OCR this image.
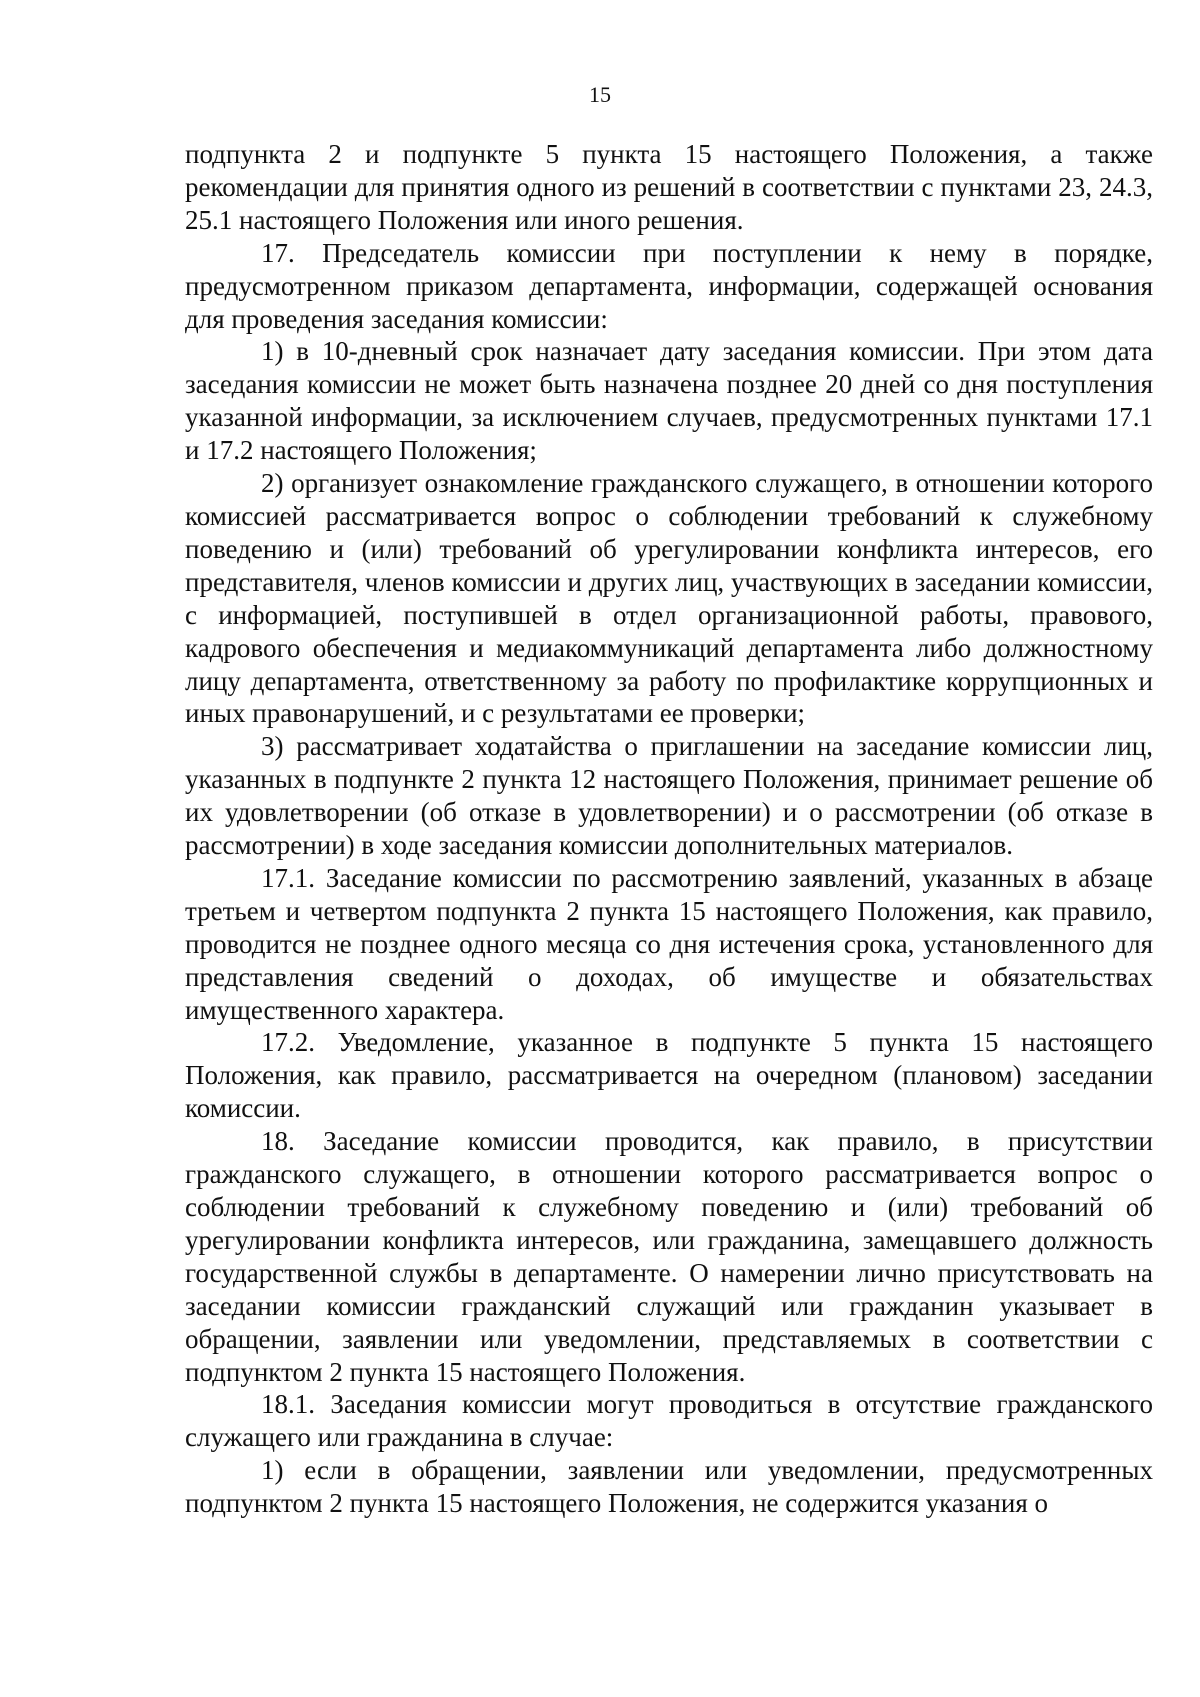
15

подпункта 2 и подпункте 5 пункта 15 настоящего Положения, а также рекомендации для принятия одного из решений в соответствии с пунктами 23, 24.3, 25.1 настоящего Положения или иного решения.

17. Председатель комиссии при поступлении к нему в порядке, предусмотренном приказом департамента, информации, содержащей основания для проведения заседания комиссии:

1) в 10-дневный срок назначает дату заседания комиссии. При этом дата заседания комиссии не может быть назначена позднее 20 дней со дня поступления указанной информации, за исключением случаев, предусмотренных пунктами 17.1 и 17.2 настоящего Положения;

2) организует ознакомление гражданского служащего, в отношении которого комиссией рассматривается вопрос о соблюдении требований к служебному поведению и (или) требований об урегулировании конфликта интересов, его представителя, членов комиссии и других лиц, участвующих в заседании комиссии, с информацией, поступившей в отдел организационной работы, правового, кадрового обеспечения и медиакоммуникаций департамента либо должностному лицу департамента, ответственному за работу по профилактике коррупционных и иных правонарушений, и с результатами ее проверки;

3) рассматривает ходатайства о приглашении на заседание комиссии лиц, указанных в подпункте 2 пункта 12 настоящего Положения, принимает решение об их удовлетворении (об отказе в удовлетворении) и о рассмотрении (об отказе в рассмотрении) в ходе заседания комиссии дополнительных материалов.

17.1. Заседание комиссии по рассмотрению заявлений, указанных в абзаце третьем и четвертом подпункта 2 пункта 15 настоящего Положения, как правило, проводится не позднее одного месяца со дня истечения срока, установленного для представления сведений о доходах, об имуществе и обязательствах имущественного характера.

17.2. Уведомление, указанное в подпункте 5 пункта 15 настоящего Положения, как правило, рассматривается на очередном (плановом) заседании комиссии.

18. Заседание комиссии проводится, как правило, в присутствии гражданского служащего, в отношении которого рассматривается вопрос о соблюдении требований к служебному поведению и (или) требований об урегулировании конфликта интересов, или гражданина, замещавшего должность государственной службы в департаменте. О намерении лично присутствовать на заседании комиссии гражданский служащий или гражданин указывает в обращении, заявлении или уведомлении, представляемых в соответствии с подпунктом 2 пункта 15 настоящего Положения.

18.1. Заседания комиссии могут проводиться в отсутствие гражданского служащего или гражданина в случае:

1) если в обращении, заявлении или уведомлении, предусмотренных подпунктом 2 пункта 15 настоящего Положения, не содержится указания о
